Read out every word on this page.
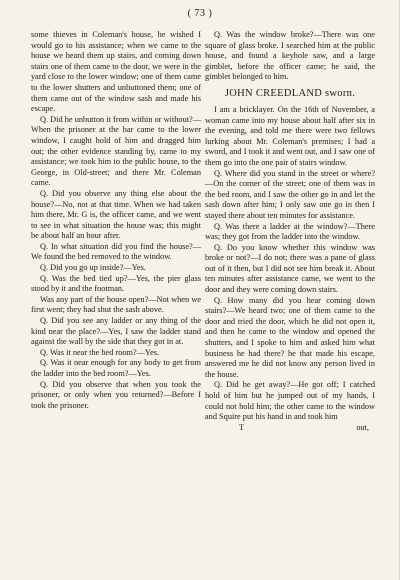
( 73 )

some thieves in Coleman's house, he wished I would go to his assistance; when we came to the house we heard them up stairs, and coming down stairs one of them came to the door, we were in the yard close to the lower window; one of them came to the lower shutters and unbuttoned them; one of them came out of the window sash and made his escape.

Q. Did he unbutton it from within or without?—When the prisoner at the bar came to the lower window, I caught hold of him and dragged him out; the other evidence standing by, came to my assistance; we took him to the public house, to the George, in Old-street; and there Mr. Coleman came.

Q. Did you observe any thing else about the house?—No, not at that time. When we had taken him there, Mr. G is, the officer came, and we went to see in what situation the house was; this might be about half an hour after.

Q. In what situation did you find the house?—We found the bed removed to the window.

Q. Did you go up inside?—Yes.

Q. Was the bed tied up?—Yes, the pier glass stood by it and the footman.

Was any part of the house open?—Not when we first went; they had shut the sash above.

Q. Did you see any ladder or any thing of the kind near the place?—Yes, I saw the ladder stand against the wall by the side that they got in at.

Q. Was it near the bed room?—Yes.

Q. Was it near enough for any body to get from the ladder into the bed room?—Yes.

Q. Did you observe that when you took the prisoner, or only when you returned?—Before I took the prisoner.

Q. Was the window broke?—There was one square of glass broke. I searched him at the public house, and found a keyhole saw, and a large gimblet, before the officer came; he said, the gimblet belonged to him.

JOHN CREEDLAND sworn.

I am a bricklayer. On the 16th of November, a woman came into my house about half after six in the evening, and told me there were two fellows lurking about Mr. Coleman's premises; I had a sword, and I took it and went out, and I saw one of them go into the one pair of stairs window.

Q. Where did you stand in the street or where?—On the corner of the street; one of them was in the bed room, and I saw the other go in and let the sash down after him; I only saw one go in then I stayed there about ten minutes for assistance.

Q. Was there a ladder at the window?—There was; they got from the ladder into the window.

Q. Do you know whether this window was broke or not?—I do not; there was a pane of glass out of it then, but I did not see him break it. About ten minutes after assistance came, we went to the door and they were coming down stairs.

Q. How many did you hear coming down stairs?—We heard two; one of them came to the door and tried the door, which he did not open it, and then he came to the window and opened the shutters, and I spoke to him and asked him what business he had there? he that made his escape, answered me he did not know any person lived in the house.

Q. Did he get away?—He got off; I catched hold of him but he jumped out of my hands, I could not hold him; the other came to the window and Squire put his hand in and took him

T	out,
